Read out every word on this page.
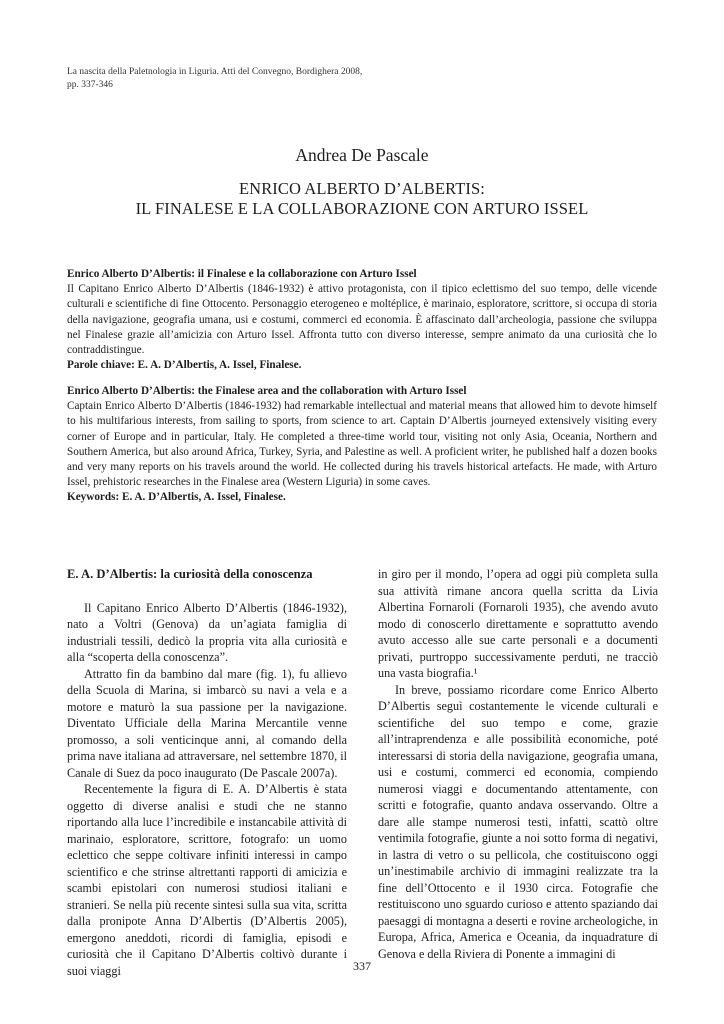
La nascita della Paletnologia in Liguria. Atti del Convegno, Bordighera 2008, pp. 337-346
Andrea De Pascale
ENRICO ALBERTO D’ALBERTIS:
IL FINALESE E LA COLLABORAZIONE CON ARTURO ISSEL
Enrico Alberto D’Albertis: il Finalese e la collaborazione con Arturo Issel
Il Capitano Enrico Alberto D’Albertis (1846-1932) è attivo protagonista, con il tipico eclettismo del suo tempo, delle vicende culturali e scientifiche di fine Ottocento. Personaggio eterogeneo e moltéplice, è marinaio, esploratore, scrittore, si occupa di storia della navigazione, geografia umana, usi e costumi, commerci ed economia. È affascinato dall’archeologia, passione che sviluppa nel Finalese grazie all’amicizia con Arturo Issel. Affronta tutto con diverso interesse, sempre animato da una curiosità che lo contraddistingue.
Parole chiave: E. A. D’Albertis, A. Issel, Finalese.
Enrico Alberto D’Albertis: the Finalese area and the collaboration with Arturo Issel
Captain Enrico Alberto D’Albertis (1846-1932) had remarkable intellectual and material means that allowed him to devote himself to his multifarious interests, from sailing to sports, from science to art. Captain D’Albertis journeyed extensively visiting every corner of Europe and in particular, Italy. He completed a three-time world tour, visiting not only Asia, Oceania, Northern and Southern America, but also around Africa, Turkey, Syria, and Palestine as well. A proficient writer, he published half a dozen books and very many reports on his travels around the world. He collected during his travels historical artefacts. He made, with Arturo Issel, prehistoric researches in the Finalese area (Western Liguria) in some caves.
Keywords: E. A. D’Albertis, A. Issel, Finalese.
E. A. D’Albertis: la curiosità della conoscenza

Il Capitano Enrico Alberto D’Albertis (1846-1932), nato a Voltri (Genova) da un’agiata famiglia di industriali tessili, dedicò la propria vita alla curiosità e alla “scoperta della conoscenza”.

Attratto fin da bambino dal mare (fig. 1), fu allievo della Scuola di Marina, si imbarcò su navi a vela e a motore e maturò la sua passione per la navigazione. Diventato Ufficiale della Marina Mercantile venne promosso, a soli venticinque anni, al comando della prima nave italiana ad attraversare, nel settembre 1870, il Canale di Suez da poco inaugurato (De Pascale 2007a).

Recentemente la figura di E. A. D’Albertis è stata oggetto di diverse analisi e studi che ne stanno riportando alla luce l’incredibile e instancabile attività di marinaio, esploratore, scrittore, fotografo: un uomo eclettico che seppe coltivare infiniti interessi in campo scientifico e che strinse altrettanti rapporti di amicizia e scambi epistolari con numerosi studiosi italiani e stranieri. Se nella più recente sintesi sulla sua vita, scritta dalla pronipote Anna D’Albertis (D’Albertis 2005), emergono aneddoti, ricordi di famiglia, episodi e curiosità che il Capitano D’Albertis coltivò durante i suoi viaggi

in giro per il mondo, l’opera ad oggi più completa sulla sua attività rimane ancora quella scritta da Livia Albertina Fornaroli (Fornaroli 1935), che avendo avuto modo di conoscerlo direttamente e soprattutto avendo avuto accesso alle sue carte personali e a documenti privati, purtroppo successivamente perduti, ne tracciò una vasta biografia.¹

In breve, possiamo ricordare come Enrico Alberto D’Albertis seguì costantemente le vicende culturali e scientifiche del suo tempo e come, grazie all’intraprendenza e alle possibilità economiche, poté interessarsi di storia della navigazione, geografia umana, usi e costumi, commerci ed economia, compiendo numerosi viaggi e documentando attentamente, con scritti e fotografie, quanto andava osservando. Oltre a dare alle stampe numerosi testi, infatti, scattò oltre ventimila fotografie, giunte a noi sotto forma di negativi, in lastra di vetro o su pellicola, che costituiscono oggi un’inestimabile archivio di immagini realizzate tra la fine dell’Ottocento e il 1930 circa. Fotografie che restituiscono uno sguardo curioso e attento spaziando dai paesaggi di montagna a deserti e rovine archeologiche, in Europa, Africa, America e Oceania, da inquadrature di Genova e della Riviera di Ponente a immagini di

337
